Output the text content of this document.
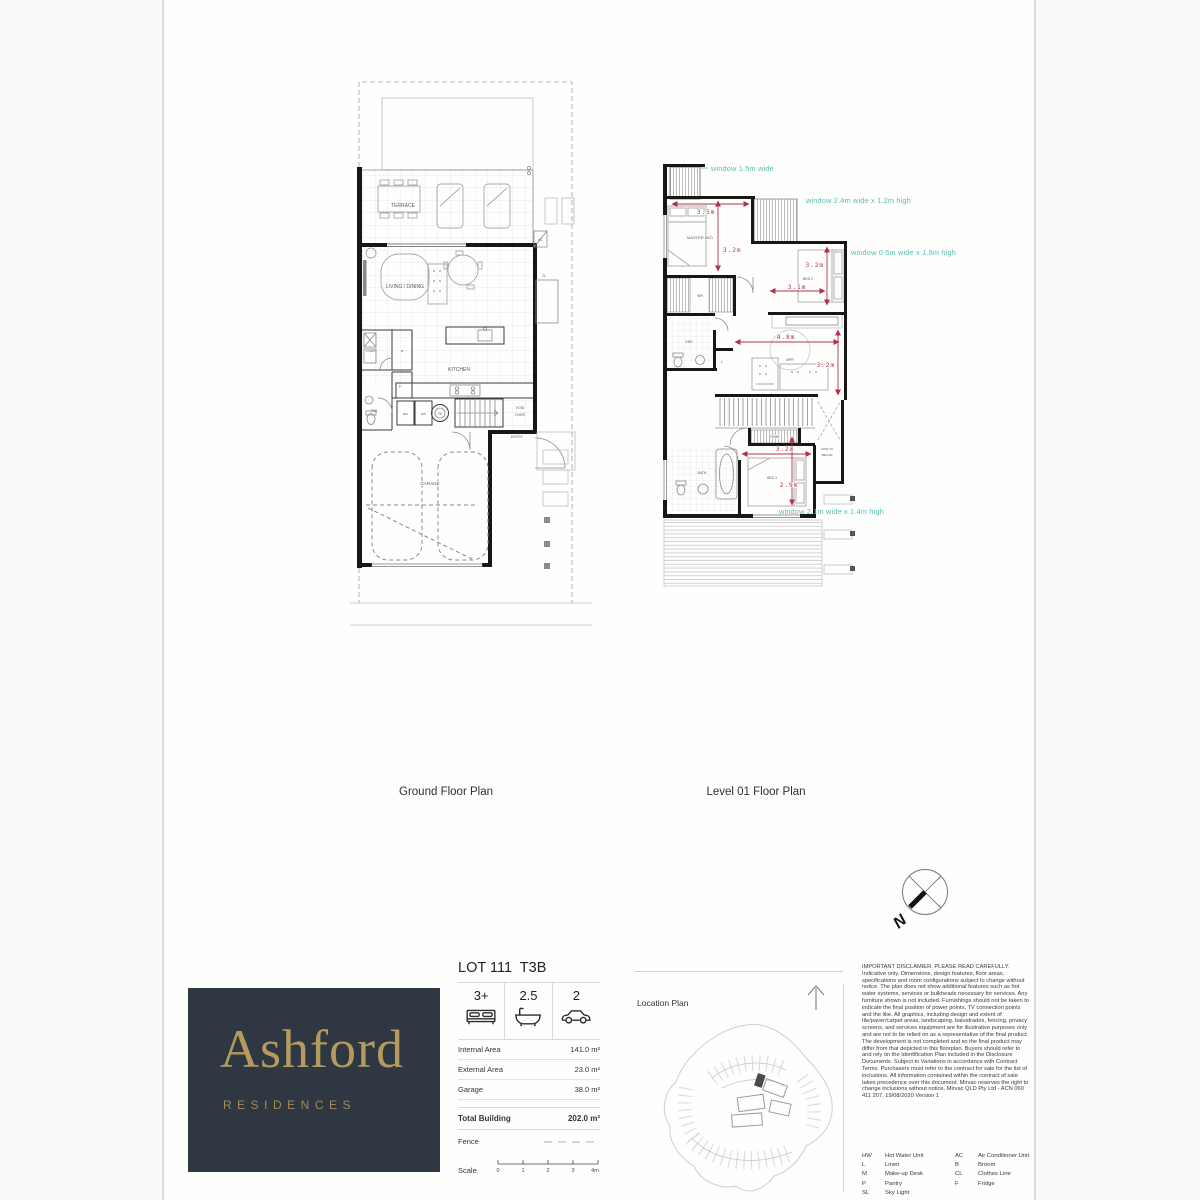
TERRACE
LIVING / DINING
KITCHEN
GARAGE
ENTRY
VOID
OVER
LNDRY	B
P
PDR
BIN	BIN	HW
AC
CL
3.5m
3.2m
3.2m
3.1m
4.8m
3.2m
3.2m
2.9m
window 1.5m wide
window 2.4m wide x 1.2m high
window 0.6m wide x 1.8m high
window 2.1m wide x 1.4m high
MASTER BED
WR
ENS
L
BED 2
MPR
ROBE
BATH
BED 3
VOID TO
BELOW
Ground Floor Plan	Level 01 Floor Plan
N
Ashford
RESIDENCES
LOT 111  T3B
3+	2.5	2
Internal Area	141.0 m²
External Area	23.0 m²
Garage	38.0 m²
Total Building	202.0 m²
Fence
Scale	0	1	2	3	4m
Location Plan
IMPORTANT DISCLAMIER. PLEASE READ CAREFULLY. Indicative only. Dimensions, design features, floor areas, specifications and room configurations subject to change without notice. The plan does not show additional features such as hot water systems, services or bulkheads necessary for services. Any furniture shown is not included. Furnishings should not be taken to indicate the final position of power points, TV connection points and the like. All graphics, including design and extent of tile/paver/carpet areas, landscaping, balustrades, fencing, privacy screens, and services equipment are for illustrative purposes only and are not to be relied on as a representative of the final product. The development is not completed and so the final product may differ from that depicted in this floorplan. Buyers should refer to and rely on the Identification Plan included in the Disclosure Documents. Subject to Variations in accordance with Contract Terms. Purchasers must refer to the contract for sale for the list of inclusions. All information contained within the contract of sale takes precedence over this document. Mirvac reserves the right to change inclusions without notice. Mirvac QLD Pty Ltd - ACN 060 411 207. 19/08/2020 Version 1
HW Hot Water Unit
L	Linen
M	Make-up Desk
P	Pantry
SL	Sky Light
AC	Air Conditioner Unit
B	Broom
CL	Clothes Line
F	Fridge
